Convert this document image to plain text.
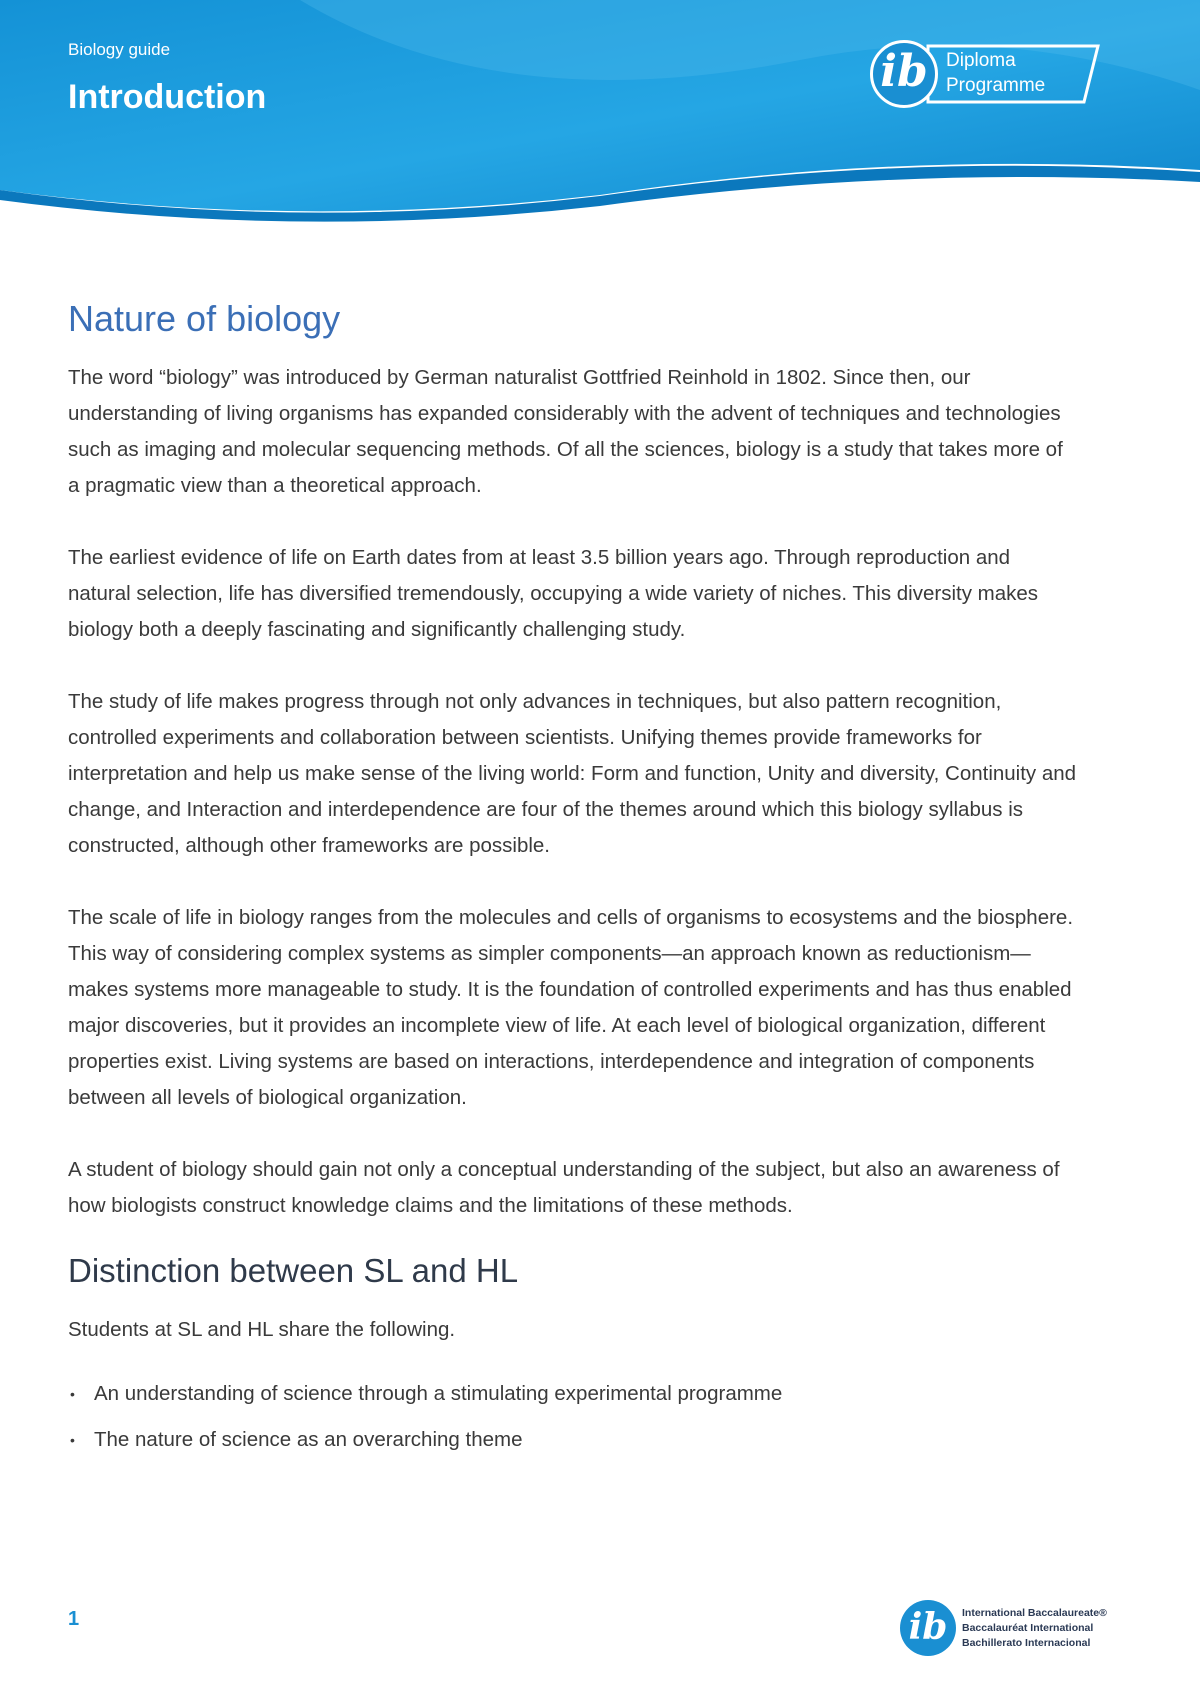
Biology guide
Introduction	ib Diploma
Programme
Nature of biology

The word “biology” was introduced by German naturalist Gottfried Reinhold in 1802. Since then, our understanding of living organisms has expanded considerably with the advent of techniques and technologies such as imaging and molecular sequencing methods. Of all the sciences, biology is a study that takes more of a pragmatic view than a theoretical approach.

The earliest evidence of life on Earth dates from at least 3.5 billion years ago. Through reproduction and natural selection, life has diversified tremendously, occupying a wide variety of niches. This diversity makes biology both a deeply fascinating and significantly challenging study.

The study of life makes progress through not only advances in techniques, but also pattern recognition, controlled experiments and collaboration between scientists. Unifying themes provide frameworks for interpretation and help us make sense of the living world: Form and function, Unity and diversity, Continuity and change, and Interaction and interdependence are four of the themes around which this biology syllabus is constructed, although other frameworks are possible.

The scale of life in biology ranges from the molecules and cells of organisms to ecosystems and the biosphere. This way of considering complex systems as simpler components—an approach known as reductionism—makes systems more manageable to study. It is the foundation of controlled experiments and has thus enabled major discoveries, but it provides an incomplete view of life. At each level of biological organization, different properties exist. Living systems are based on interactions, interdependence and integration of components between all levels of biological organization.

A student of biology should gain not only a conceptual understanding of the subject, but also an awareness of how biologists construct knowledge claims and the limitations of these methods.

Distinction between SL and HL

Students at SL and HL share the following.

• An understanding of science through a stimulating experimental programme
• The nature of science as an overarching theme
1	ib	International Baccalaureate®
Baccalauréat International
Bachillerato Internacional
